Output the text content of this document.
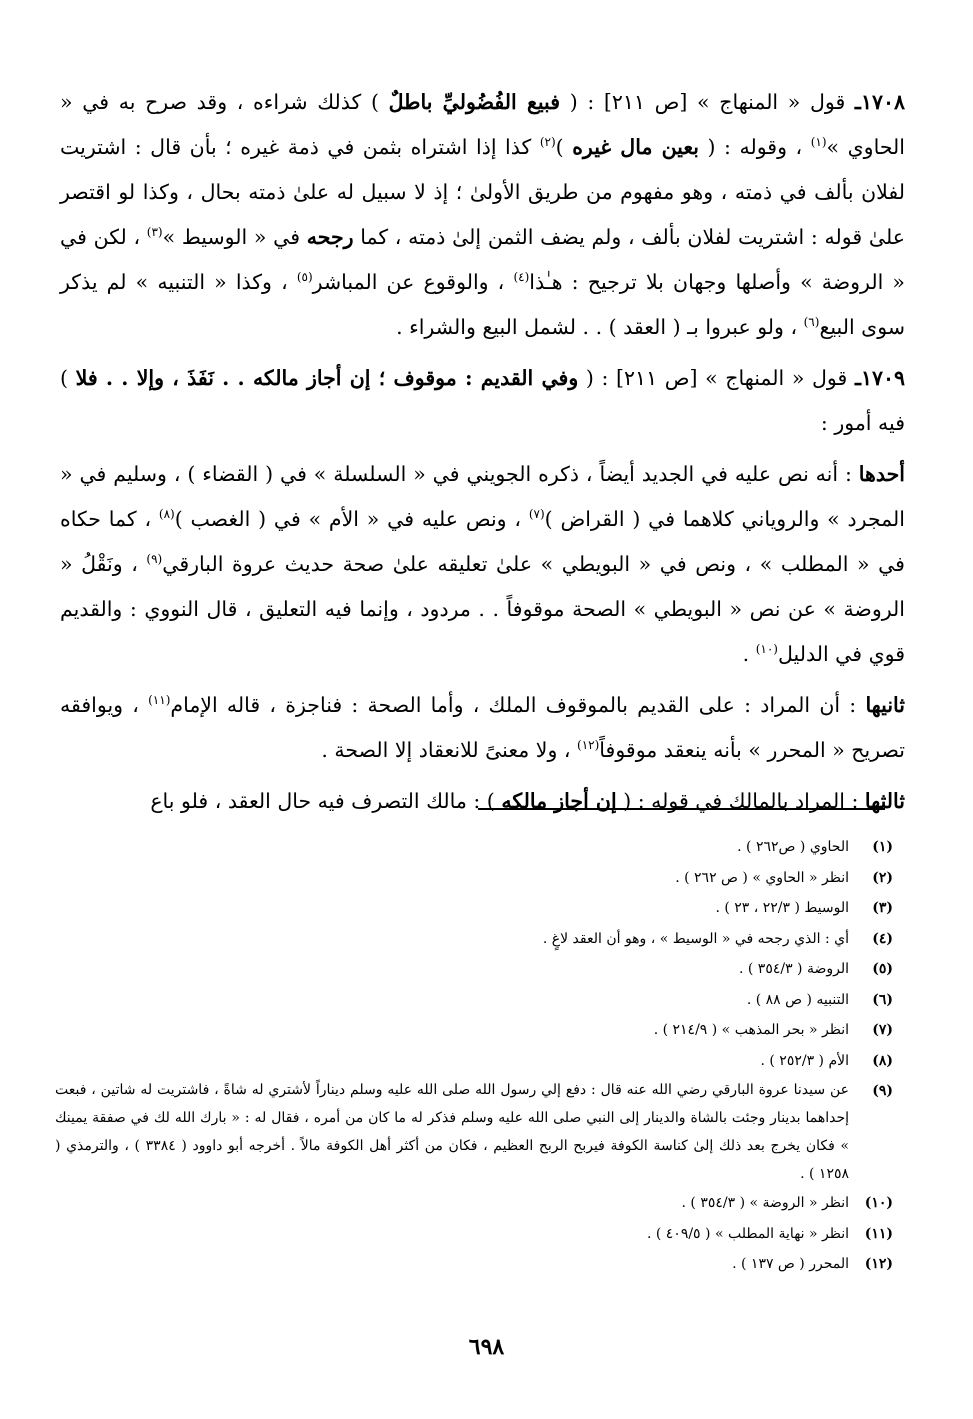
١٧٠٨ـ قول « المنهاج » [ص ٢١١] : ( فبيع الفُضُوليِّ باطلٌ ) كذلك شراءه ، وقد صرح به في « الحاوي »$^{(١)}$ ، وقوله : ( بعين مال غيره )$^{(٢)}$ كذا إذا اشتراه بثمن في ذمة غيره ؛ بأن قال : اشتريت لفلان بألف في ذمته ، وهو مفهوم من طريق الأولىٰ ؛ إذ لا سبيل له علىٰ ذمته بحال ، وكذا لو اقتصر علىٰ قوله : اشتريت لفلان بألف ، ولم يضف الثمن إلىٰ ذمته ، كما رجحه في « الوسيط »$^{(٣)}$ ، لكن في « الروضة » وأصلها وجهان بلا ترجيح : هـٰذا$^{(٤)}$ ، والوقوع عن المباشر$^{(٥)}$ ، وكذا « التنبيه » لم يذكر سوى البيع$^{(٦)}$ ، ولو عبروا بـ ( العقد ) . . لشمل البيع والشراء .

١٧٠٩ـ قول « المنهاج » [ص ٢١١] : ( وفي القديم : موقوف ؛ إن أجاز مالكه . . نَفَذَ ، وإلا . . فلا ) فيه أمور :

أحدها : أنه نص عليه في الجديد أيضاً ، ذكره الجويني في « السلسلة » في ( القضاء ) ، وسليم في « المجرد » والروياني كلاهما في ( القراض )$^{(٧)}$ ، ونص عليه في « الأم » في ( الغصب )$^{(٨)}$ ، كما حكاه في « المطلب » ، ونص في « البويطي » علىٰ تعليقه علىٰ صحة حديث عروة البارقي$^{(٩)}$ ، ونَقْلُ « الروضة » عن نص « البويطي » الصحة موقوفاً . . مردود ، وإنما فيه التعليق ، قال النووي : والقديم قوي في الدليل$^{(١٠)}$ .

ثانيها : أن المراد : على القديم بالموقوف الملك ، وأما الصحة : فناجزة ، قاله الإمام$^{(١١)}$ ، ويوافقه تصريح « المحرر » بأنه ينعقد موقوفاً$^{(١٢)}$ ، ولا معنىً للانعقاد إلا الصحة .

ثالثها : المراد بالمالك في قوله : ( إن أجاز مالكه ) : مالك التصرف فيه حال العقد ، فلو باع

(١)
الحاوي ( ص٢٦٢ ) .
(٢)
انظر « الحاوي » ( ص ٢٦٢ ) .
(٣)
الوسيط ( ٢٢/٣ ، ٢٣ ) .
(٤)
أي : الذي رجحه في « الوسيط » ، وهو أن العقد لاغٍ .
(٥)
الروضة ( ٣٥٤/٣ ) .
(٦)
التنبيه ( ص ٨٨ ) .
(٧)
انظر « بحر المذهب » ( ٢١٤/٩ ) .
(٨)
الأم ( ٢٥٢/٣ ) .
(٩)
عن سيدنا عروة البارقي رضي الله عنه قال : دفع إلي رسول الله صلى الله عليه وسلم ديناراً لأشتري له شاةً ، فاشتريت له شاتين ، فبعت إحداهما بدينار وجئت بالشاة والدينار إلى النبي صلى الله عليه وسلم فذكر له ما كان من أمره ، فقال له : « بارك الله لك في صفقة يمينك » فكان يخرج بعد ذلك إلىٰ كناسة الكوفة فيربح الربح العظيم ، فكان من أكثر أهل الكوفة مالاً . أخرجه أبو داوود ( ٣٣٨٤ ) ، والترمذي ( ١٢٥٨ ) .
(١٠)
انظر « الروضة » ( ٣٥٤/٣ ) .
(١١)
انظر « نهاية المطلب » ( ٤٠٩/٥ ) .
(١٢)
المحرر ( ص ١٣٧ ) .
٦٩٨
